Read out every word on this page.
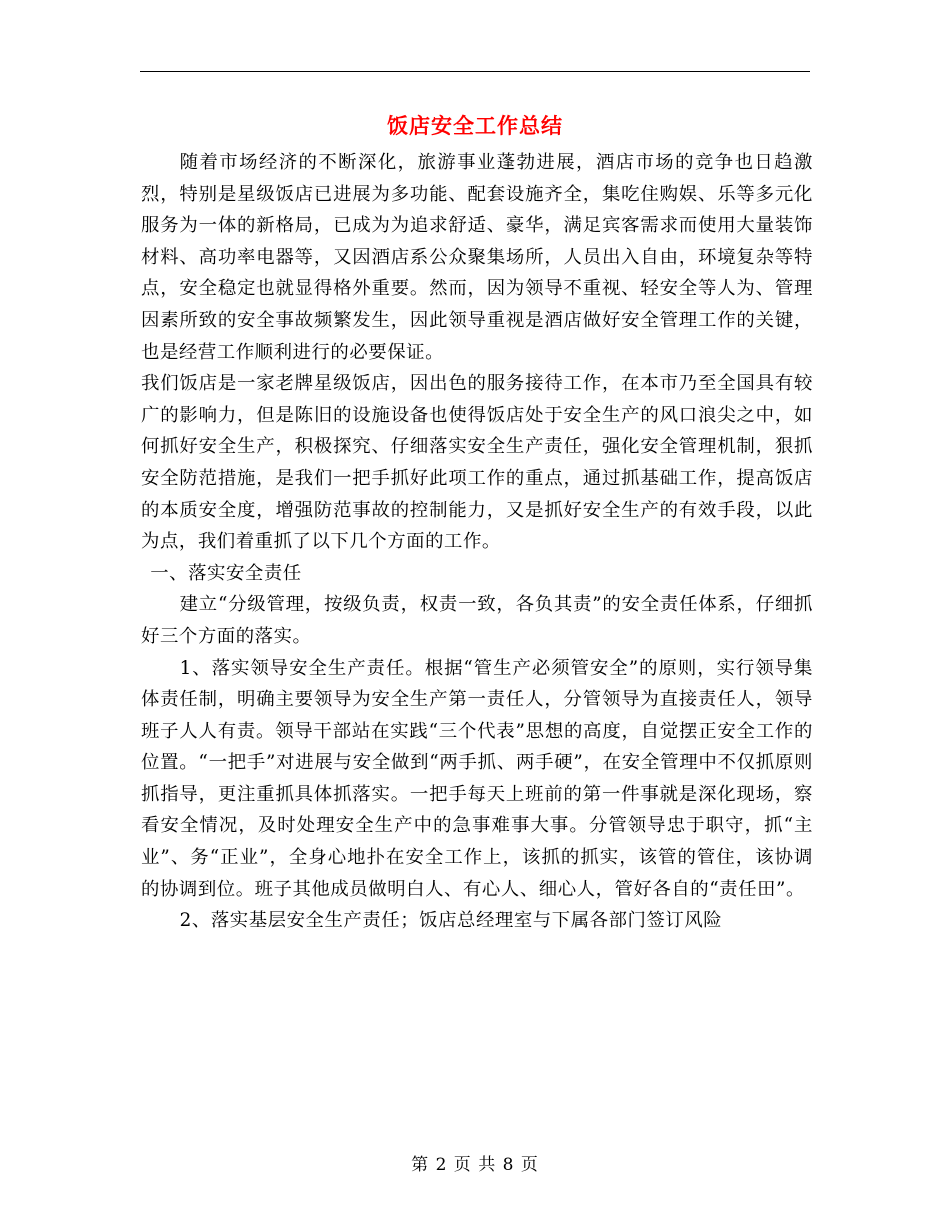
饭店安全工作总结

随着市场经济的不断深化，旅游事业蓬勃进展，酒店市场的竞争也日趋激烈，特别是星级饭店已进展为多功能、配套设施齐全，集吃住购娱、乐等多元化服务为一体的新格局，已成为为追求舒适、豪华，满足宾客需求而使用大量装饰材料、高功率电器等，又因酒店系公众聚集场所，人员出入自由，环境复杂等特点，安全稳定也就显得格外重要。然而，因为领导不重视、轻安全等人为、管理因素所致的安全事故频繁发生，因此领导重视是酒店做好安全管理工作的关键，也是经营工作顺利进行的必要保证。

我们饭店是一家老牌星级饭店，因出色的服务接待工作，在本市乃至全国具有较广的影响力，但是陈旧的设施设备也使得饭店处于安全生产的风口浪尖之中，如何抓好安全生产，积极探究、仔细落实安全生产责任，强化安全管理机制，狠抓安全防范措施，是我们一把手抓好此项工作的重点，通过抓基础工作，提高饭店的本质安全度，增强防范事故的控制能力，又是抓好安全生产的有效手段，以此为点，我们着重抓了以下几个方面的工作。

一、落实安全责任

建立“分级管理，按级负责，权责一致，各负其责”的安全责任体系，仔细抓好三个方面的落实。

1、落实领导安全生产责任。根据“管生产必须管安全”的原则，实行领导集体责任制，明确主要领导为安全生产第一责任人，分管领导为直接责任人，领导班子人人有责。领导干部站在实践“三个代表”思想的高度，自觉摆正安全工作的位置。“一把手”对进展与安全做到“两手抓、两手硬”，在安全管理中不仅抓原则抓指导，更注重抓具体抓落实。一把手每天上班前的第一件事就是深化现场，察看安全情况，及时处理安全生产中的急事难事大事。分管领导忠于职守，抓“主业”、务“正业”，全身心地扑在安全工作上，该抓的抓实，该管的管住，该协调的协调到位。班子其他成员做明白人、有心人、细心人，管好各自的“责任田”。

2、落实基层安全生产责任；饭店总经理室与下属各部门签订风险

第 2 页 共 8 页
